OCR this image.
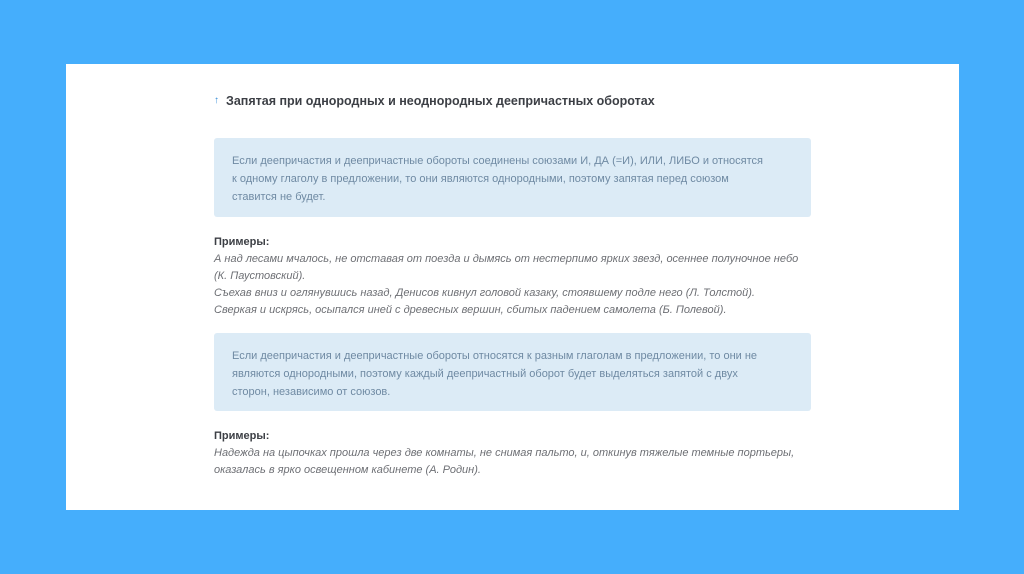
↑ Запятая при однородных и неоднородных деепричастных оборотах

Если деепричастия и деепричастные обороты соединены союзами И, ДА (=И), ИЛИ, ЛИБО и относятся

к одному глаголу в предложении, то они являются однородными, поэтому запятая перед союзом

ставится не будет.

Примеры:

А над лесами мчалось, не отставая от поезда и дымясь от нестерпимо ярких звезд, осеннее полуночное небо

(К. Паустовский).

Съехав вниз и оглянувшись назад, Денисов кивнул головой казаку, стоявшему подле него (Л. Толстой).

Сверкая и искрясь, осыпался иней с древесных вершин, сбитых падением самолета (Б. Полевой).

Если деепричастия и деепричастные обороты относятся к разным глаголам в предложении, то они не

являются однородными, поэтому каждый деепричастный оборот будет выделяться запятой с двух

сторон, независимо от союзов.

Примеры:

Надежда на цыпочках прошла через две комнаты, не снимая пальто, и, откинув тяжелые темные портьеры,

оказалась в ярко освещенном кабинете (А. Родин).
